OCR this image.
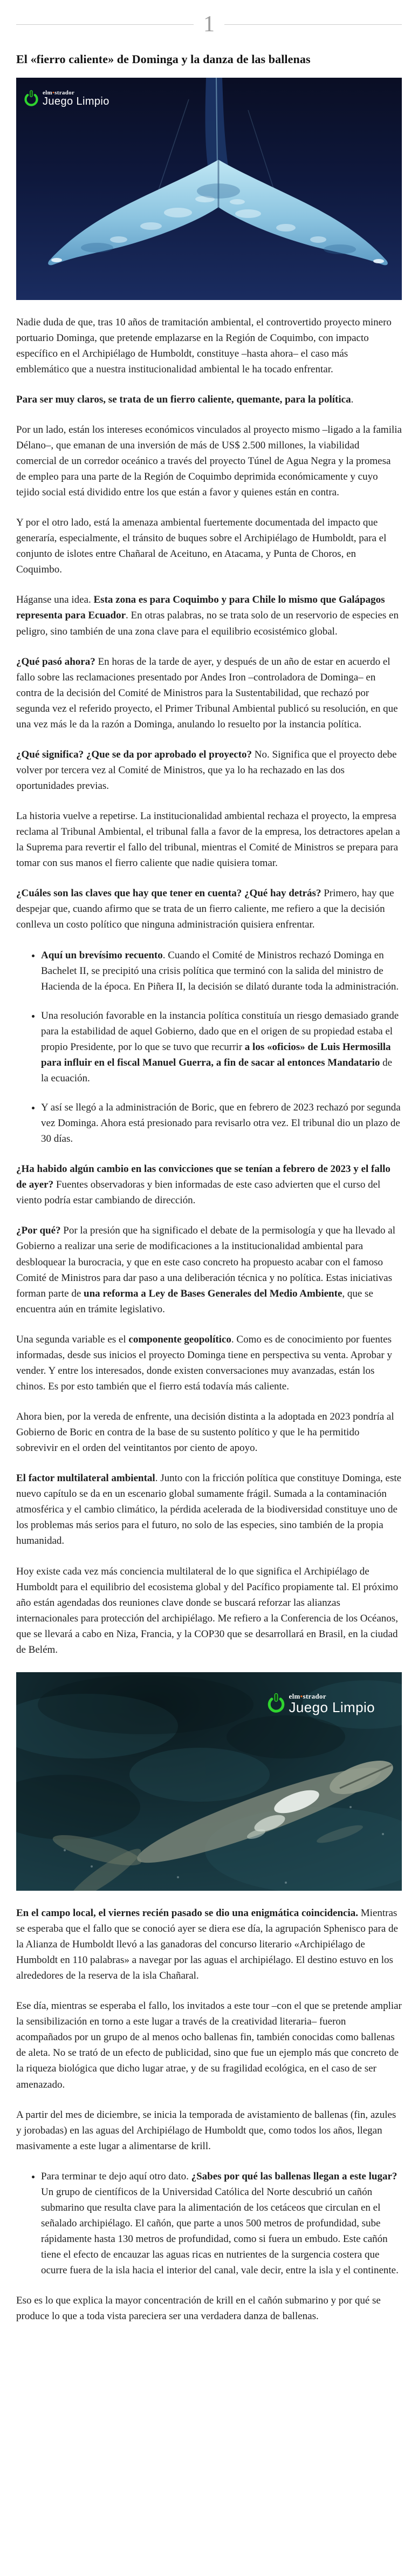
1
El «fierro caliente» de Dominga y la danza de las ballenas
elm•strador
Juego Limpio

Nadie duda de que, tras 10 años de tramitación ambiental, el controvertido proyecto minero portuario Dominga, que pretende emplazarse en la Región de Coquimbo, con impacto específico en el Archipiélago de Humboldt, constituye –hasta ahora– el caso más emblemático que a nuestra institucionalidad ambiental le ha tocado enfrentar.

Para ser muy claros, se trata de un fierro caliente, quemante, para la política.

Por un lado, están los intereses económicos vinculados al proyecto mismo –ligado a la familia Délano–, que emanan de una inversión de más de US$ 2.500 millones, la viabilidad comercial de un corredor oceánico a través del proyecto Túnel de Agua Negra y la promesa de empleo para una parte de la Región de Coquimbo deprimida económicamente y cuyo tejido social está dividido entre los que están a favor y quienes están en contra.

Y por el otro lado, está la amenaza ambiental fuertemente documentada del impacto que generaría, especialmente, el tránsito de buques sobre el Archipiélago de Humboldt, para el conjunto de islotes entre Chañaral de Aceituno, en Atacama, y Punta de Choros, en Coquimbo.

Háganse una idea. Esta zona es para Coquimbo y para Chile lo mismo que Galápagos representa para Ecuador. En otras palabras, no se trata solo de un reservorio de especies en peligro, sino también de una zona clave para el equilibrio ecosistémico global.

¿Qué pasó ahora? En horas de la tarde de ayer, y después de un año de estar en acuerdo el fallo sobre las reclamaciones presentado por Andes Iron –controladora de Dominga– en contra de la decisión del Comité de Ministros para la Sustentabilidad, que rechazó por segunda vez el referido proyecto, el Primer Tribunal Ambiental publicó su resolución, en que una vez más le da la razón a Dominga, anulando lo resuelto por la instancia política.

¿Qué significa? ¿Que se da por aprobado el proyecto? No. Significa que el proyecto debe volver por tercera vez al Comité de Ministros, que ya lo ha rechazado en las dos oportunidades previas.

La historia vuelve a repetirse. La institucionalidad ambiental rechaza el proyecto, la empresa reclama al Tribunal Ambiental, el tribunal falla a favor de la empresa, los detractores apelan a la Suprema para revertir el fallo del tribunal, mientras el Comité de Ministros se prepara para tomar con sus manos el fierro caliente que nadie quisiera tomar.

¿Cuáles son las claves que hay que tener en cuenta? ¿Qué hay detrás? Primero, hay que despejar que, cuando afirmo que se trata de un fierro caliente, me refiero a que la decisión conlleva un costo político que ninguna administración quisiera enfrentar.

• Aquí un brevísimo recuento. Cuando el Comité de Ministros rechazó Dominga en Bachelet II, se precipitó una crisis política que terminó con la salida del ministro de Hacienda de la época. En Piñera II, la decisión se dilató durante toda la administración.
• Una resolución favorable en la instancia política constituía un riesgo demasiado grande para la estabilidad de aquel Gobierno, dado que en el origen de su propiedad estaba el propio Presidente, por lo que se tuvo que recurrir a los «oficios» de Luis Hermosilla para influir en el fiscal Manuel Guerra, a fin de sacar al entonces Mandatario de la ecuación.
• Y así se llegó a la administración de Boric, que en febrero de 2023 rechazó por segunda vez Dominga. Ahora está presionado para revisarlo otra vez. El tribunal dio un plazo de 30 días.

¿Ha habido algún cambio en las convicciones que se tenían a febrero de 2023 y el fallo de ayer? Fuentes observadoras y bien informadas de este caso advierten que el curso del viento podría estar cambiando de dirección.

¿Por qué? Por la presión que ha significado el debate de la permisología y que ha llevado al Gobierno a realizar una serie de modificaciones a la institucionalidad ambiental para desbloquear la burocracia, y que en este caso concreto ha propuesto acabar con el famoso Comité de Ministros para dar paso a una deliberación técnica y no política. Estas iniciativas forman parte de una reforma a Ley de Bases Generales del Medio Ambiente, que se encuentra aún en trámite legislativo.

Una segunda variable es el componente geopolítico. Como es de conocimiento por fuentes informadas, desde sus inicios el proyecto Dominga tiene en perspectiva su venta. Aprobar y vender. Y entre los interesados, donde existen conversaciones muy avanzadas, están los chinos. Es por esto también que el fierro está todavía más caliente.

Ahora bien, por la vereda de enfrente, una decisión distinta a la adoptada en 2023 pondría al Gobierno de Boric en contra de la base de su sustento político y que le ha permitido sobrevivir en el orden del veintitantos por ciento de apoyo.

El factor multilateral ambiental. Junto con la fricción política que constituye Dominga, este nuevo capítulo se da en un escenario global sumamente frágil. Sumada a la contaminación atmosférica y el cambio climático, la pérdida acelerada de la biodiversidad constituye uno de los problemas más serios para el futuro, no solo de las especies, sino también de la propia humanidad.

Hoy existe cada vez más conciencia multilateral de lo que significa el Archipiélago de Humboldt para el equilibrio del ecosistema global y del Pacífico propiamente tal. El próximo año están agendadas dos reuniones clave donde se buscará reforzar las alianzas internacionales para protección del archipiélago. Me refiero a la Conferencia de los Océanos, que se llevará a cabo en Niza, Francia, y la COP30 que se desarrollará en Brasil, en la ciudad de Belém.

elm•strador
Juego Limpio

En el campo local, el viernes recién pasado se dio una enigmática coincidencia. Mientras se esperaba que el fallo que se conoció ayer se diera ese día, la agrupación Sphenisco para de la Alianza de Humboldt llevó a las ganadoras del concurso literario «Archipiélago de Humboldt en 110 palabras» a navegar por las aguas el archipiélago. El destino estuvo en los alrededores de la reserva de la isla Chañaral.

Ese día, mientras se esperaba el fallo, los invitados a este tour –con el que se pretende ampliar la sensibilización en torno a este lugar a través de la creatividad literaria– fueron acompañados por un grupo de al menos ocho ballenas fin, también conocidas como ballenas de aleta. No se trató de un efecto de publicidad, sino que fue un ejemplo más que concreto de la riqueza biológica que dicho lugar atrae, y de su fragilidad ecológica, en el caso de ser amenazado.

A partir del mes de diciembre, se inicia la temporada de avistamiento de ballenas (fin, azules y jorobadas) en las aguas del Archipiélago de Humboldt que, como todos los años, llegan masivamente a este lugar a alimentarse de krill.

• Para terminar te dejo aquí otro dato. ¿Sabes por qué las ballenas llegan a este lugar? Un grupo de científicos de la Universidad Católica del Norte descubrió un cañón submarino que resulta clave para la alimentación de los cetáceos que circulan en el señalado archipiélago. El cañón, que parte a unos 500 metros de profundidad, sube rápidamente hasta 130 metros de profundidad, como si fuera un embudo. Este cañón tiene el efecto de encauzar las aguas ricas en nutrientes de la surgencia costera que ocurre fuera de la isla hacia el interior del canal, vale decir, entre la isla y el continente.

Eso es lo que explica la mayor concentración de krill en el cañón submarino y por qué se produce lo que a toda vista pareciera ser una verdadera danza de ballenas.
